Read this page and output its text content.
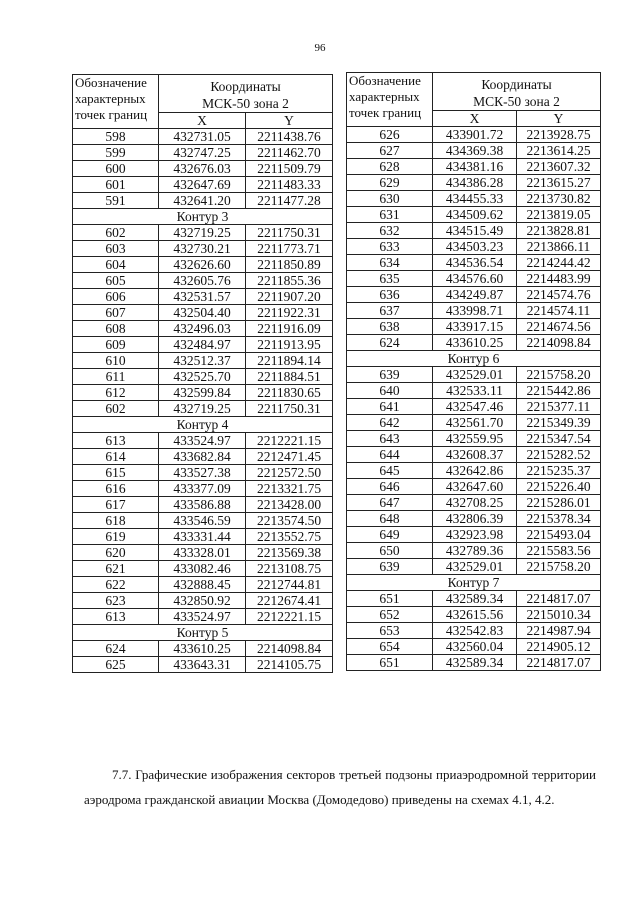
96
Обозначение характерных точек границ	Координаты
МСК-50 зона 2	
	X	Y
598	432731.05	2211438.76
599	432747.25	2211462.70
600	432676.03	2211509.79
601	432647.69	2211483.33
591	432641.20	2211477.28
Контур 3		
602	432719.25	2211750.31
603	432730.21	2211773.71
604	432626.60	2211850.89
605	432605.76	2211855.36
606	432531.57	2211907.20
607	432504.40	2211922.31
608	432496.03	2211916.09
609	432484.97	2211913.95
610	432512.37	2211894.14
611	432525.70	2211884.51
612	432599.84	2211830.65
602	432719.25	2211750.31
Контур 4		
613	433524.97	2212221.15
614	433682.84	2212471.45
615	433527.38	2212572.50
616	433377.09	2213321.75
617	433586.88	2213428.00
618	433546.59	2213574.50
619	433331.44	2213552.75
620	433328.01	2213569.38
621	433082.46	2213108.75
622	432888.45	2212744.81
623	432850.92	2212674.41
613	433524.97	2212221.15
Контур 5		
624	433610.25	2214098.84
625	433643.31	2214105.75
Обозначение характерных точек границ	Координаты
МСК-50 зона 2	
	X	Y
626	433901.72	2213928.75
627	434369.38	2213614.25
628	434381.16	2213607.32
629	434386.28	2213615.27
630	434455.33	2213730.82
631	434509.62	2213819.05
632	434515.49	2213828.81
633	434503.23	2213866.11
634	434536.54	2214244.42
635	434576.60	2214483.99
636	434249.87	2214574.76
637	433998.71	2214574.11
638	433917.15	2214674.56
624	433610.25	2214098.84
Контур 6		
639	432529.01	2215758.20
640	432533.11	2215442.86
641	432547.46	2215377.11
642	432561.70	2215349.39
643	432559.95	2215347.54
644	432608.37	2215282.52
645	432642.86	2215235.37
646	432647.60	2215226.40
647	432708.25	2215286.01
648	432806.39	2215378.34
649	432923.98	2215493.04
650	432789.36	2215583.56
639	432529.01	2215758.20
Контур 7		
651	432589.34	2214817.07
652	432615.56	2215010.34
653	432542.83	2214987.94
654	432560.04	2214905.12
651	432589.34	2214817.07

7.7. Графические изображения секторов третьей подзоны приаэродромной территории аэродрома гражданской авиации Москва (Домодедово) приведены на схемах 4.1, 4.2.
